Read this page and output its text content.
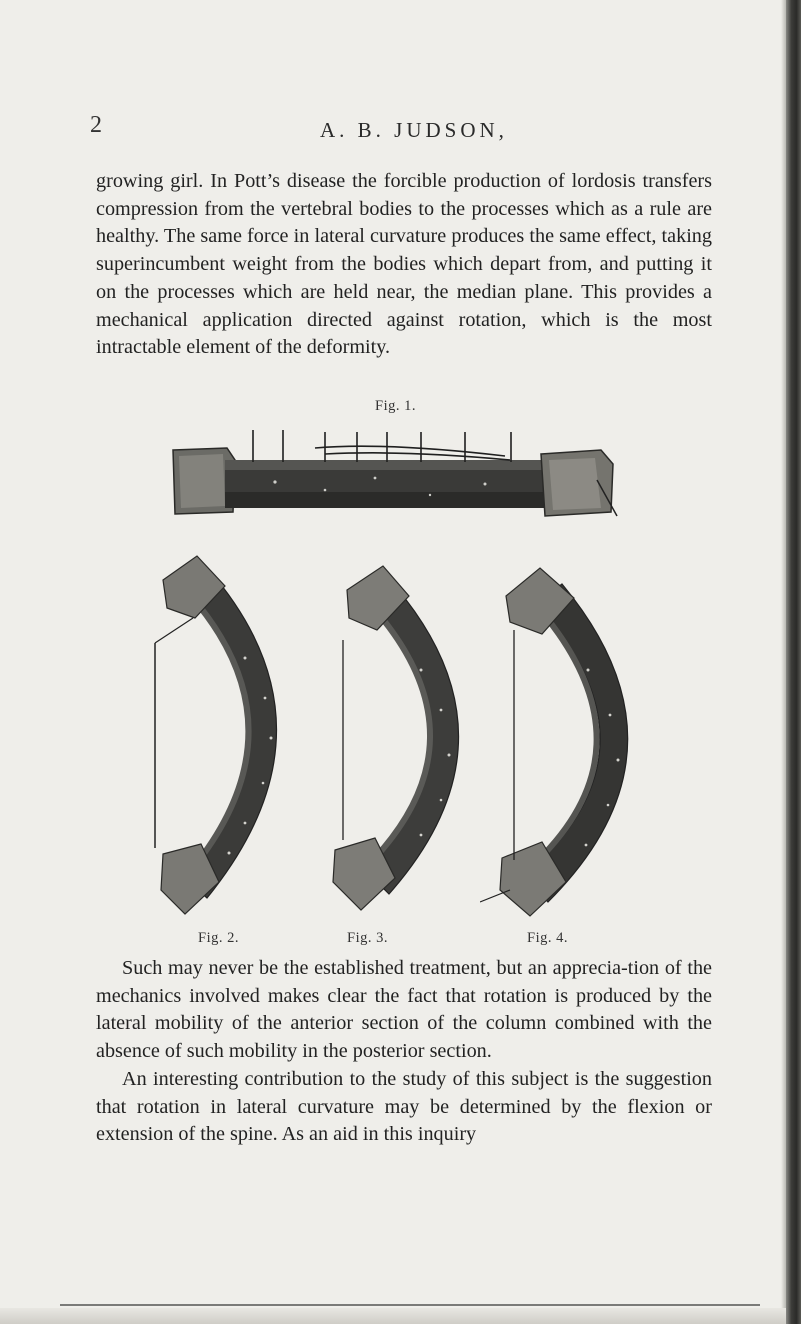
2	A. B. JUDSON,

growing girl. In Pott’s disease the forcible production of lordosis transfers compression from the vertebral bodies to the processes which as a rule are healthy. The same force in lateral curvature produces the same effect, taking superincumbent weight from the bodies which depart from, and putting it on the processes which are held near, the median plane. This provides a mechanical application directed against rotation, which is the most intractable element of the deformity.

Fig. 1.
Fig. 2.	Fig. 3.	Fig. 4.

Such may never be the established treatment, but an apprecia-tion of the mechanics involved makes clear the fact that rotation is produced by the lateral mobility of the anterior section of the column combined with the absence of such mobility in the posterior section.

An interesting contribution to the study of this subject is the suggestion that rotation in lateral curvature may be determined by the flexion or extension of the spine. As an aid in this inquiry
